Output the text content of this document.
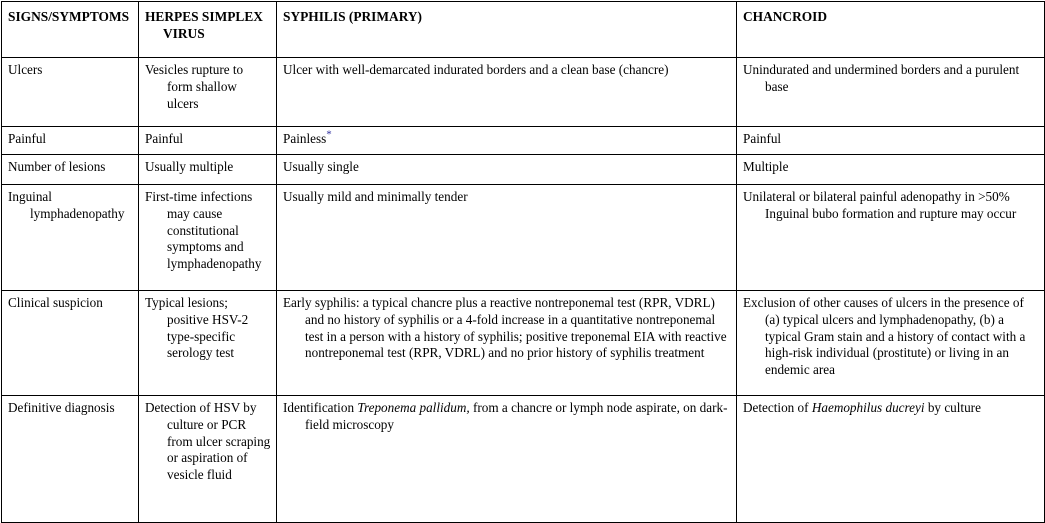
SIGNS/SYMPTOMS	HERPES SIMPLEX VIRUS	SYPHILIS (PRIMARY)	CHANCROID
Ulcers	Vesicles rupture to form shallow ulcers	Ulcer with well-demarcated indurated borders and a clean base (chancre)	Unindurated and undermined borders and a purulent base
Painful	Painful	Painless*	Painful
Number of lesions	Usually multiple	Usually single	Multiple
Inguinal lymphadenopathy	First-time infections may cause constitutional symptoms and lymphadenopathy	Usually mild and minimally tender	Unilateral or bilateral painful adenopathy in >50% Inguinal bubo formation and rupture may occur
Clinical suspicion	Typical lesions; positive HSV-2 type-specific serology test	Early syphilis: a typical chancre plus a reactive nontreponemal test (RPR, VDRL) and no history of syphilis or a 4-fold increase in a quantitative nontreponemal test in a person with a history of syphilis; positive treponemal EIA with reactive nontreponemal test (RPR, VDRL) and no prior history of syphilis treatment	Exclusion of other causes of ulcers in the presence of (a) typical ulcers and lymphadenopathy, (b) a typical Gram stain and a history of contact with a high-risk individual (prostitute) or living in an endemic area
Definitive diagnosis	Detection of HSV by culture or PCR from ulcer scraping or aspiration of vesicle fluid	Identification Treponema pallidum, from a chancre or lymph node aspirate, on dark-field microscopy	Detection of Haemophilus ducreyi by culture
